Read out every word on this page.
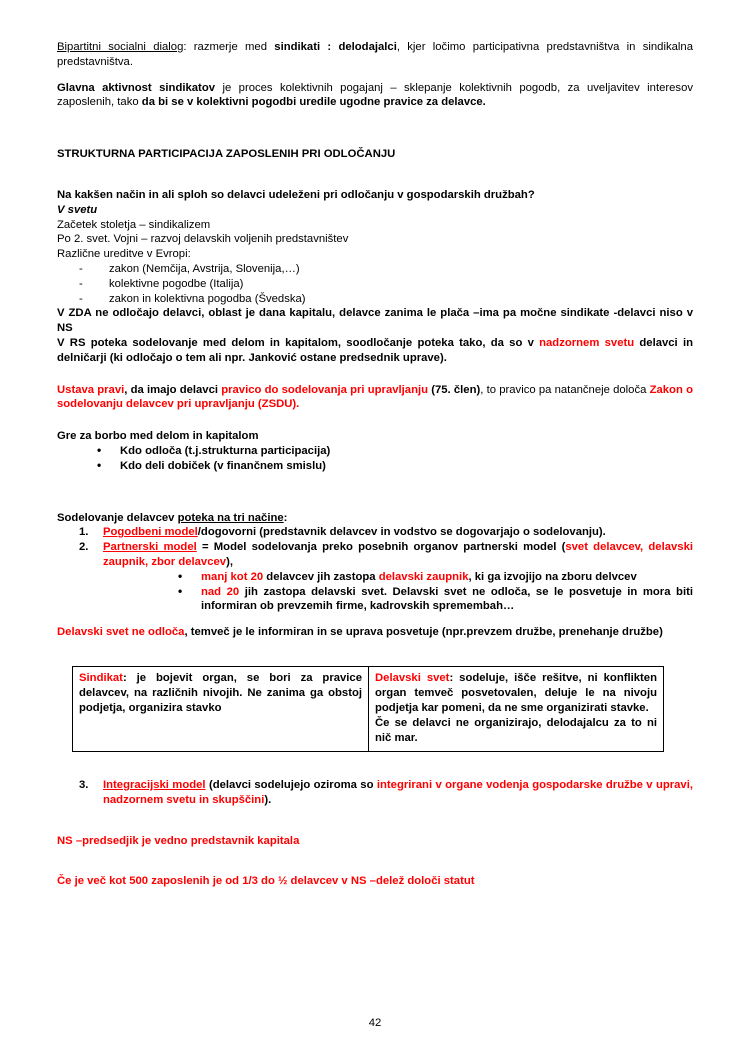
Bipartitni socialni dialog: razmerje med sindikati : delodajalci, kjer ločimo participativna predstavništva in sindikalna predstavništva.

Glavna aktivnost sindikatov je proces kolektivnih pogajanj – sklepanje kolektivnih pogodb, za uveljavitev interesov zaposlenih, tako da bi se v kolektivni pogodbi uredile ugodne pravice za delavce.

STRUKTURNA PARTICIPACIJA ZAPOSLENIH PRI ODLOČANJU

Na kakšen način in ali sploh so delavci udeleženi pri odločanju v gospodarskih družbah?

V svetu

Začetek stoletja – sindikalizem

Po 2. svet. Vojni – razvoj delavskih voljenih predstavništev

Različne ureditve v Evropi:

- zakon (Nemčija, Avstrija, Slovenija,…)
- kolektivne pogodbe (Italija)
- zakon in kolektivna pogodba (Švedska)

V ZDA ne odločajo delavci, oblast je dana kapitalu, delavce zanima le plača –ima pa močne sindikate -delavci niso v NS

V RS poteka sodelovanje med delom in kapitalom, soodločanje poteka tako, da so v nadzornem svetu delavci in delničarji (ki odločajo o tem ali npr. Janković ostane predsednik uprave).

Ustava pravi, da imajo delavci pravico do sodelovanja pri upravljanju (75. člen), to pravico pa natančneje določa Zakon o sodelovanju delavcev pri upravljanju (ZSDU).

Gre za borbo med delom in kapitalom

• Kdo odloča (t.j.strukturna participacija)
• Kdo deli dobiček (v finančnem smislu)

Sodelovanje delavcev poteka na tri načine:

Pogodbeni model/dogovorni (predstavnik delavcev in vodstvo se dogovarjajo o sodelovanju).
Partnerski model = Model sodelovanja preko posebnih organov partnerski model (svet delavcev, delavski zaupnik, zbor delavcev),
• manj kot 20 delavcev jih zastopa delavski zaupnik, ki ga izvojijo na zboru delvcev
• nad 20 jih zastopa delavski svet. Delavski svet ne odloča, se le posvetuje in mora biti informiran ob prevzemih firme, kadrovskih spremembah…

Delavski svet ne odloča, temveč je le informiran in se uprava posvetuje (npr.prevzem družbe, prenehanje družbe)

Sindikat: je bojevit organ, se bori za pravice delavcev, na različnih nivojih. Ne zanima ga obstoj podjetja, organizira stavko	Delavski svet: sodeluje, išče rešitve, ni konflikten organ temveč posvetovalen, deluje le na nivoju podjetja kar pomeni, da ne sme organizirati stavke.
Če se delavci ne organizirajo, delodajalcu za to ni nič mar.
Integracijski model (delavci sodelujejo oziroma so integrirani v organe vodenja gospodarske družbe v upravi, nadzornem svetu in skupščini).

NS –predsedjik je vedno predstavnik kapitala

Če je več kot 500 zaposlenih je od 1/3 do ½ delavcev v NS –delež določi statut

42
